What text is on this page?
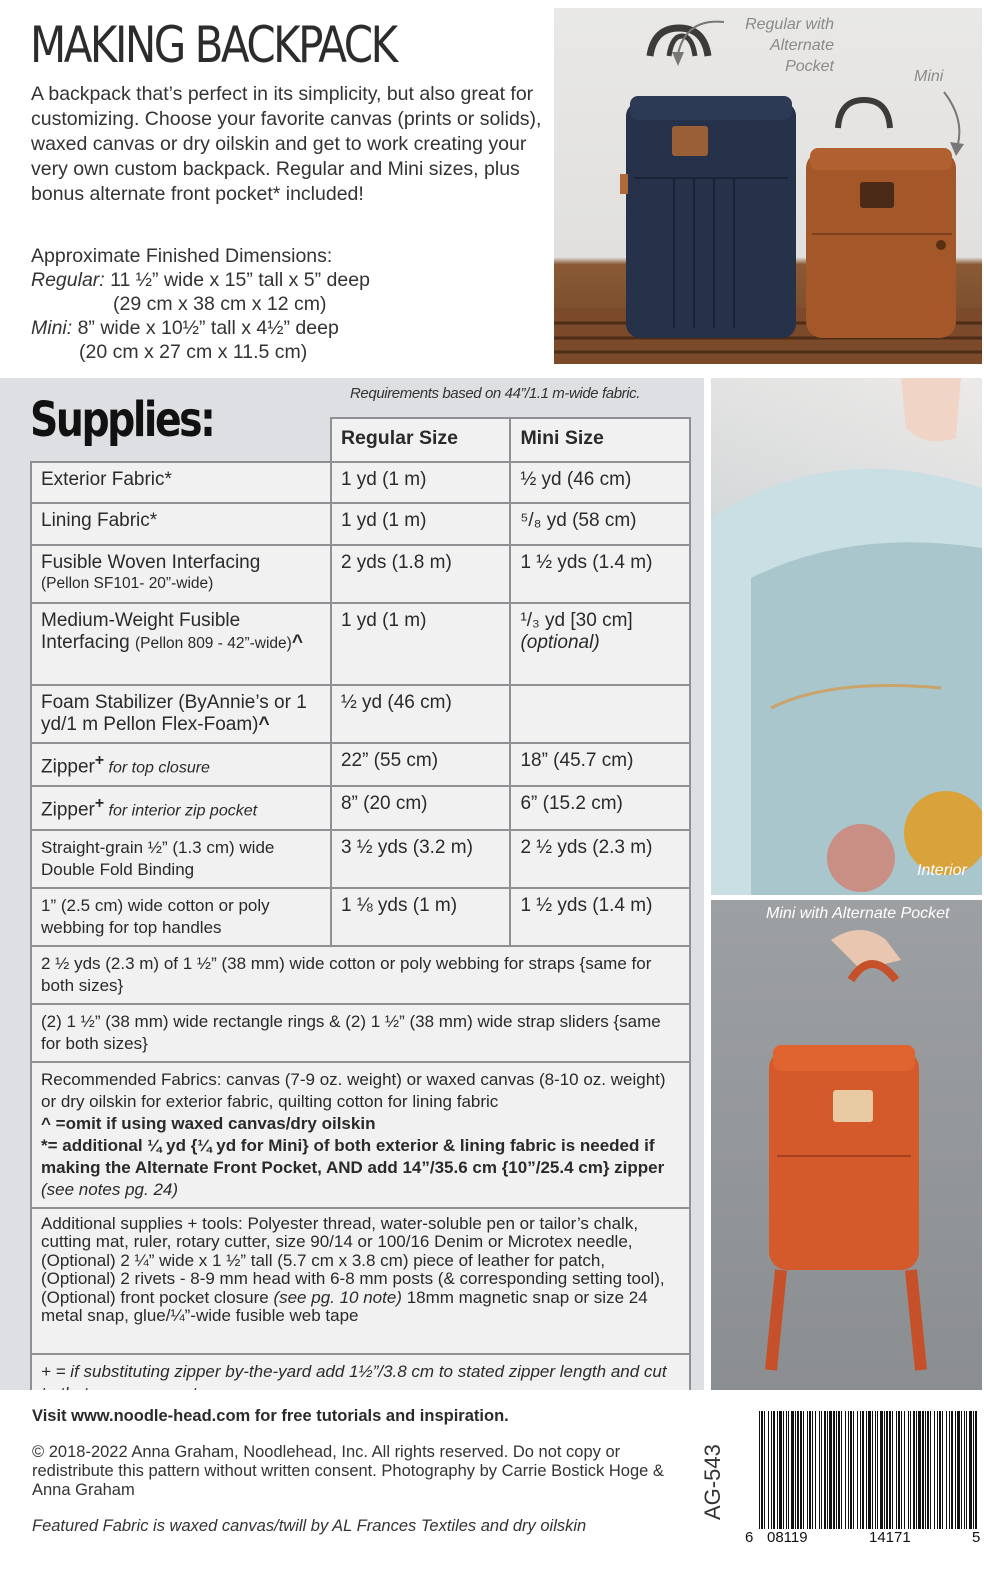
MAKING BACKPACK

A backpack that’s perfect in its simplicity, but also great for customizing. Choose your favorite canvas (prints or solids), waxed canvas or dry oilskin and get to work creating your very own custom backpack. Regular and Mini sizes, plus bonus alternate front pocket* included!

Approximate Finished Dimensions:
Regular: 11 ½” wide x 15” tall x 5” deep
(29 cm x 38 cm x 12 cm)
Mini: 8” wide x 10½” tall x 4½” deep
(20 cm x 27 cm x 11.5 cm)
Regular with Alternate Pocket
Mini
Supplies:	Requirements based on 44”/1.1 m-wide fabric.
	Regular Size	Mini Size
Exterior Fabric*	1 yd (1 m)	½ yd (46 cm)
Lining Fabric*	1 yd (1 m)	⁵/₈ yd (58 cm)

Fusible Woven Interfacing
(Pellon SF101- 20”-wide)	2 yds (1.8 m)	1 ½ yds (1.4 m)
Medium-Weight Fusible Interfacing (Pellon 809 - 42”-wide)^	1 yd (1 m)	¹/₃ yd [30 cm]
(optional)

Foam Stabilizer (ByAnnie’s or 1 yd/1 m Pellon Flex-Foam)^	½ yd (46 cm)	
Zipper+ for top closure	22” (55 cm)	18” (45.7 cm)
Zipper+ for interior zip pocket	8” (20 cm)	6” (15.2 cm)
Straight-grain ½” (1.3 cm) wide Double Fold Binding	3 ½ yds (3.2 m)	2 ½ yds (2.3 m)
1” (2.5 cm) wide cotton or poly webbing for top handles	1 ⅛ yds (1 m)	1 ½ yds (1.4 m)
2 ½ yds (2.3 m) of 1 ½” (38 mm) wide cotton or poly webbing for straps {same for both sizes}		
(2) 1 ½” (38 mm) wide rectangle rings & (2) 1 ½” (38 mm) wide strap sliders {same for both sizes}		

Recommended Fabrics: canvas (7-9 oz. weight) or waxed canvas (8-10 oz. weight) or dry oilskin for exterior fabric, quilting cotton for lining fabric
^ =omit if using waxed canvas/dry oilskin
*= additional ¼ yd {¼ yd for Mini} of both exterior & lining fabric is needed if making the Alternate Front Pocket, AND add 14”/35.6 cm {10”/25.4 cm} zipper (see notes pg. 24)		

Additional supplies + tools: Polyester thread, water-soluble pen or tailor’s chalk, cutting mat, ruler, rotary cutter, size 90/14 or 100/16 Denim or Microtex needle, (Optional) 2 ¼” wide x 1 ½” tall (5.7 cm x 3.8 cm) piece of leather for patch, (Optional) 2 rivets - 8-9 mm head with 6-8 mm posts (& corresponding setting tool), (Optional) front pocket closure (see pg. 10 note) 18mm magnetic snap or size 24 metal snap, glue/¼”-wide fusible web tape		
+ = if substituting zipper by-the-yard add 1½”/3.8 cm to stated zipper length and cut		
Interior
Mini with Alternate Pocket
Visit www.noodle-head.com for free tutorials and inspiration.
© 2018-2022 Anna Graham, Noodlehead, Inc. All rights reserved. Do not copy or redistribute this pattern without written consent. Photography by Carrie Bostick Hoge & Anna Graham
Featured Fabric is waxed canvas/twill by AL Frances Textiles and dry oilskin
AG-543
6 08119	14171	5
